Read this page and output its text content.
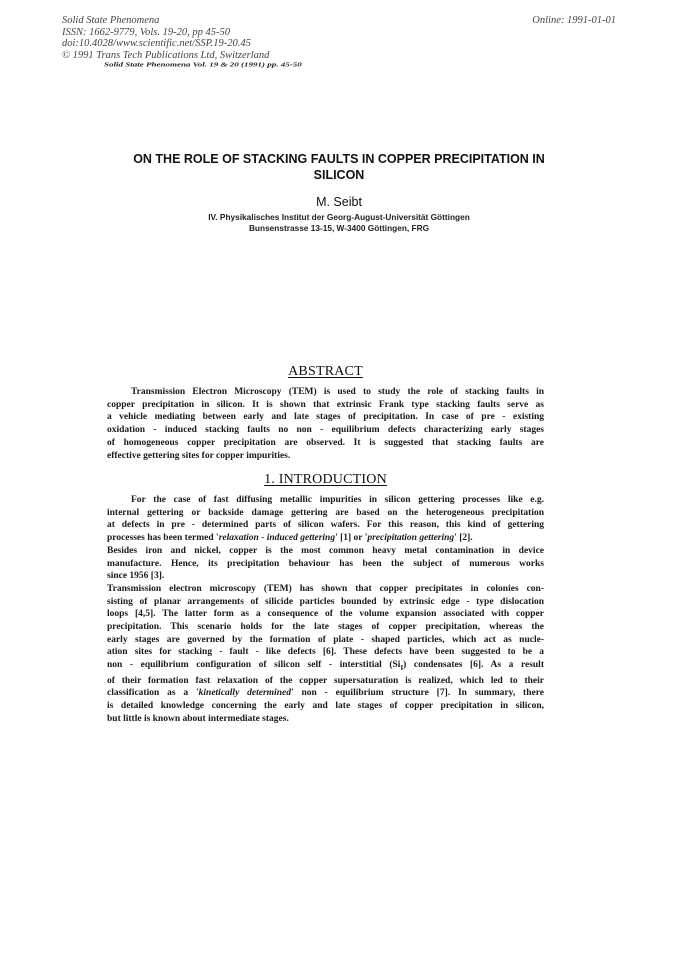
Solid State Phenomena
ISSN: 1662-9779, Vols. 19-20, pp 45-50
doi:10.4028/www.scientific.net/SSP.19-20.45
© 1991 Trans Tech Publications Ltd, Switzerland
Online: 1991-01-01
Solid State Phenomena Vol. 19 & 20 (1991) pp. 45-50
ON THE ROLE OF STACKING FAULTS IN COPPER PRECIPITATION IN
SILICON
M. Seibt
IV. Physikalisches Institut der Georg-August-Universität Göttingen
Bunsenstrasse 13-15, W-3400 Göttingen, FRG
ABSTRACT
Transmission Electron Microscopy (TEM) is used to study the role of stacking faults in
copper precipitation in silicon. It is shown that extrinsic Frank type stacking faults serve as
a vehicle mediating between early and late stages of precipitation. In case of pre - existing
oxidation - induced stacking faults no non - equilibrium defects characterizing early stages
of homogeneous copper precipitation are observed. It is suggested that stacking faults are
effective gettering sites for copper impurities.
1. INTRODUCTION
For the case of fast diffusing metallic impurities in silicon gettering processes like e.g.
internal gettering or backside damage gettering are based on the heterogeneous precipitation
at defects in pre - determined parts of silicon wafers. For this reason, this kind of gettering
processes has been termed 'relaxation - induced gettering' [1] or 'precipitation gettering' [2].
Besides iron and nickel, copper is the most common heavy metal contamination in device
manufacture. Hence, its precipitation behaviour has been the subject of numerous works
since 1956 [3].
Transmission electron microscopy (TEM) has shown that copper precipitates in colonies con-
sisting of planar arrangements of silicide particles bounded by extrinsic edge - type dislocation
loops [4,5]. The latter form as a consequence of the volume expansion associated with copper
precipitation. This scenario holds for the late stages of copper precipitation, whereas the
early stages are governed by the formation of plate - shaped particles, which act as nucle-
ation sites for stacking - fault - like defects [6]. These defects have been suggested to be a
non - equilibrium configuration of silicon self - interstitial $(Si_I)$ condensates [6]. As a result
of their formation fast relaxation of the copper supersaturation is realized, which led to their
classification as a 'kinetically determined' non - equilibrium structure [7]. In summary, there
is detailed knowledge concerning the early and late stages of copper precipitation in silicon,
but little is known about intermediate stages.
